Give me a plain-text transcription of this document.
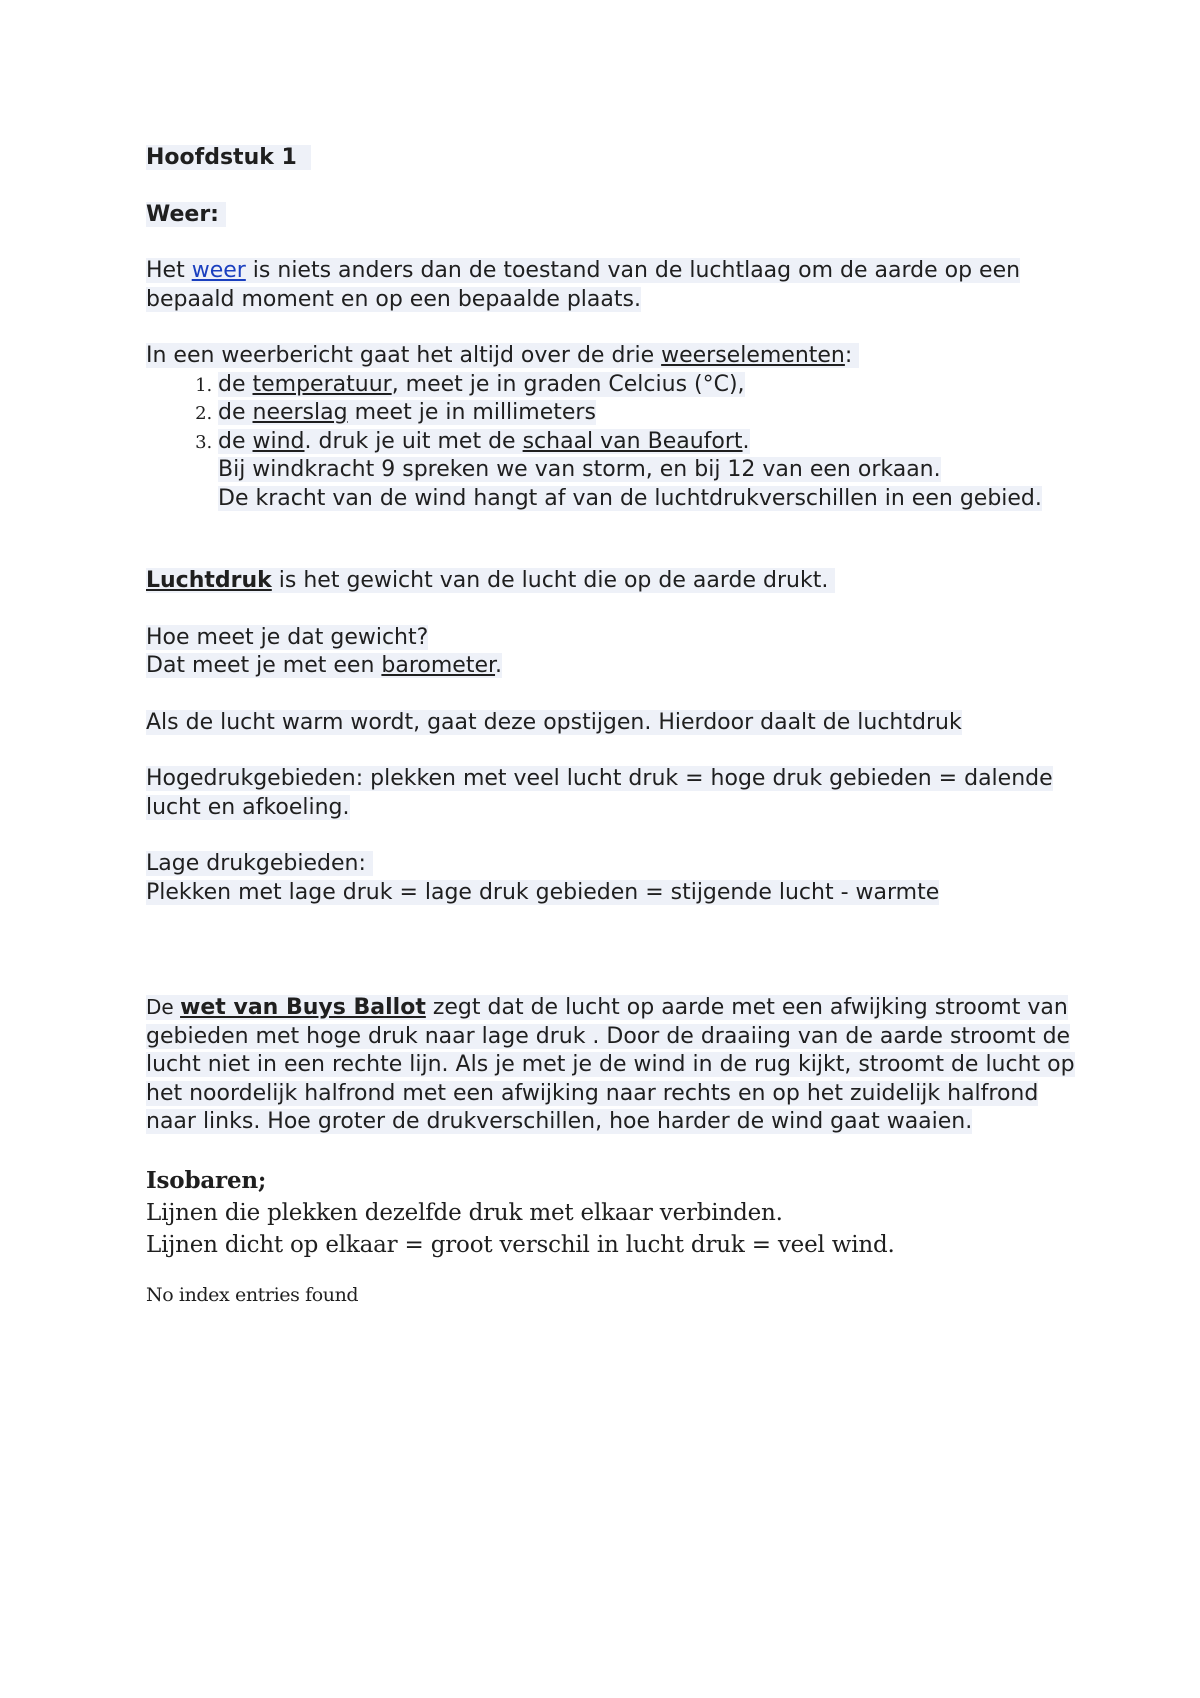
Hoofdstuk 1

Weer:

Het weer is niets anders dan de toestand van de luchtlaag om de aarde op een bepaald moment en op een bepaalde plaats.

In een weerbericht gaat het altijd over de drie weerselementen:

1. de temperatuur, meet je in graden Celcius (°C),
2. de neerslag meet je in millimeters
3. de wind. druk je uit met de schaal van Beaufort.
Bij windkracht 9 spreken we van storm, en bij 12 van een orkaan.
De kracht van de wind hangt af van de luchtdrukverschillen in een gebied.

Luchtdruk is het gewicht van de lucht die op de aarde drukt.

Hoe meet je dat gewicht?

Dat meet je met een barometer.

Als de lucht warm wordt, gaat deze opstijgen. Hierdoor daalt de luchtdruk

Hogedrukgebieden: plekken met veel lucht druk = hoge druk gebieden = dalende lucht en afkoeling.

Lage drukgebieden:

Plekken met lage druk = lage druk gebieden = stijgende lucht - warmte

De wet van Buys Ballot zegt dat de lucht op aarde met een afwijking stroomt van gebieden met hoge druk naar lage druk . Door de draaiing van de aarde stroomt de lucht niet in een rechte lijn. Als je met je de wind in de rug kijkt, stroomt de lucht op het noordelijk halfrond met een afwijking naar rechts en op het zuidelijk halfrond naar links. Hoe groter de drukverschillen, hoe harder de wind gaat waaien.

Isobaren;

Lijnen die plekken dezelfde druk met elkaar verbinden.

Lijnen dicht op elkaar = groot verschil in lucht druk = veel wind.

No index entries found
